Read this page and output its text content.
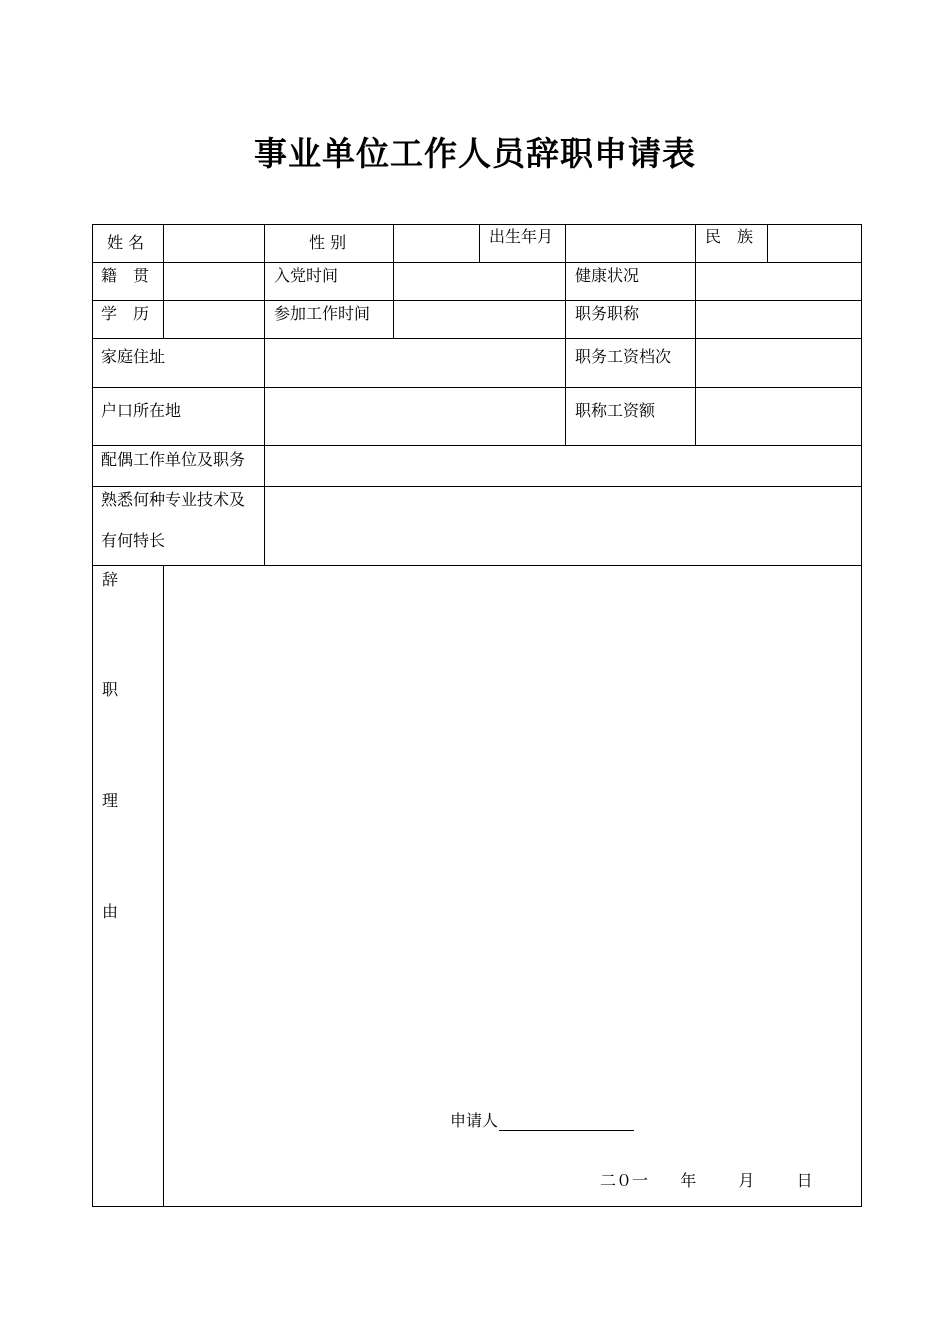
事业单位工作人员辞职申请表
姓 名	性 别	出生年月	民　族
籍　贯	入党时间	健康状况
学　历	参加工作时间	职务职称
家庭住址	职务工资档次
户口所在地	职称工资额
配偶工作单位及职务
熟悉何种专业技术及
有何特长
辞
职
理
由
申请人
二０一 年	月	日
